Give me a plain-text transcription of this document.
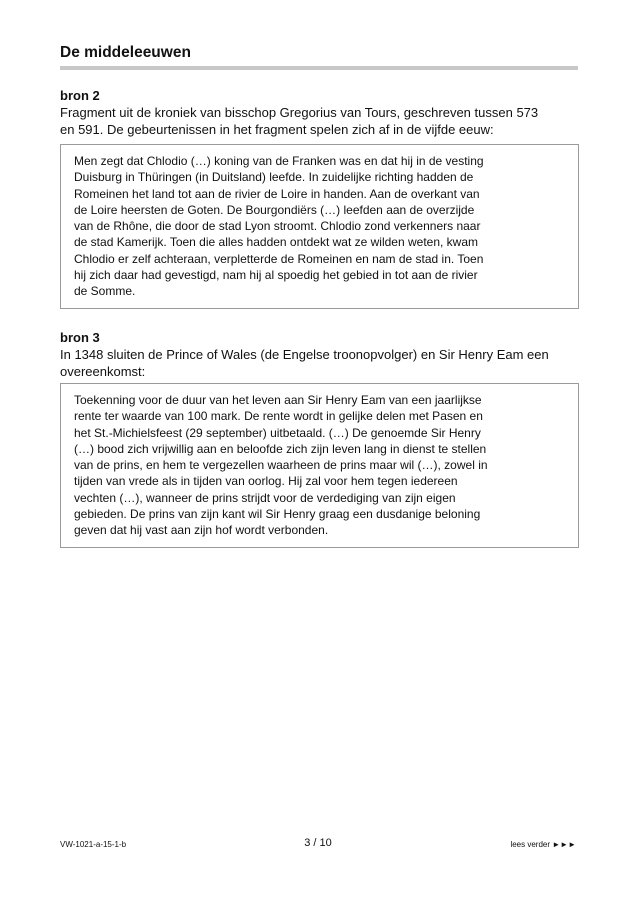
De middeleeuwen
bron 2
Fragment uit de kroniek van bisschop Gregorius van Tours, geschreven tussen 573
en 591. De gebeurtenissen in het fragment spelen zich af in de vijfde eeuw:
Men zegt dat Chlodio (…) koning van de Franken was en dat hij in de vesting
Duisburg in Thüringen (in Duitsland) leefde. In zuidelijke richting hadden de
Romeinen het land tot aan de rivier de Loire in handen. Aan de overkant van
de Loire heersten de Goten. De Bourgondiërs (…) leefden aan de overzijde
van de Rhône, die door de stad Lyon stroomt. Chlodio zond verkenners naar
de stad Kamerijk. Toen die alles hadden ontdekt wat ze wilden weten, kwam
Chlodio er zelf achteraan, verpletterde de Romeinen en nam de stad in. Toen
hij zich daar had gevestigd, nam hij al spoedig het gebied in tot aan de rivier
de Somme.
bron 3
In 1348 sluiten de Prince of Wales (de Engelse troonopvolger) en Sir Henry Eam een
overeenkomst:
Toekenning voor de duur van het leven aan Sir Henry Eam van een jaarlijkse
rente ter waarde van 100 mark. De rente wordt in gelijke delen met Pasen en
het St.-Michielsfeest (29 september) uitbetaald. (…) De genoemde Sir Henry
(…) bood zich vrijwillig aan en beloofde zich zijn leven lang in dienst te stellen
van de prins, en hem te vergezellen waarheen de prins maar wil (…), zowel in
tijden van vrede als in tijden van oorlog. Hij zal voor hem tegen iedereen
vechten (…), wanneer de prins strijdt voor de verdediging van zijn eigen
gebieden. De prins van zijn kant wil Sir Henry graag een dusdanige beloning
geven dat hij vast aan zijn hof wordt verbonden.
VW-1021-a-15-1-b	3 / 10	lees verder ►►►
